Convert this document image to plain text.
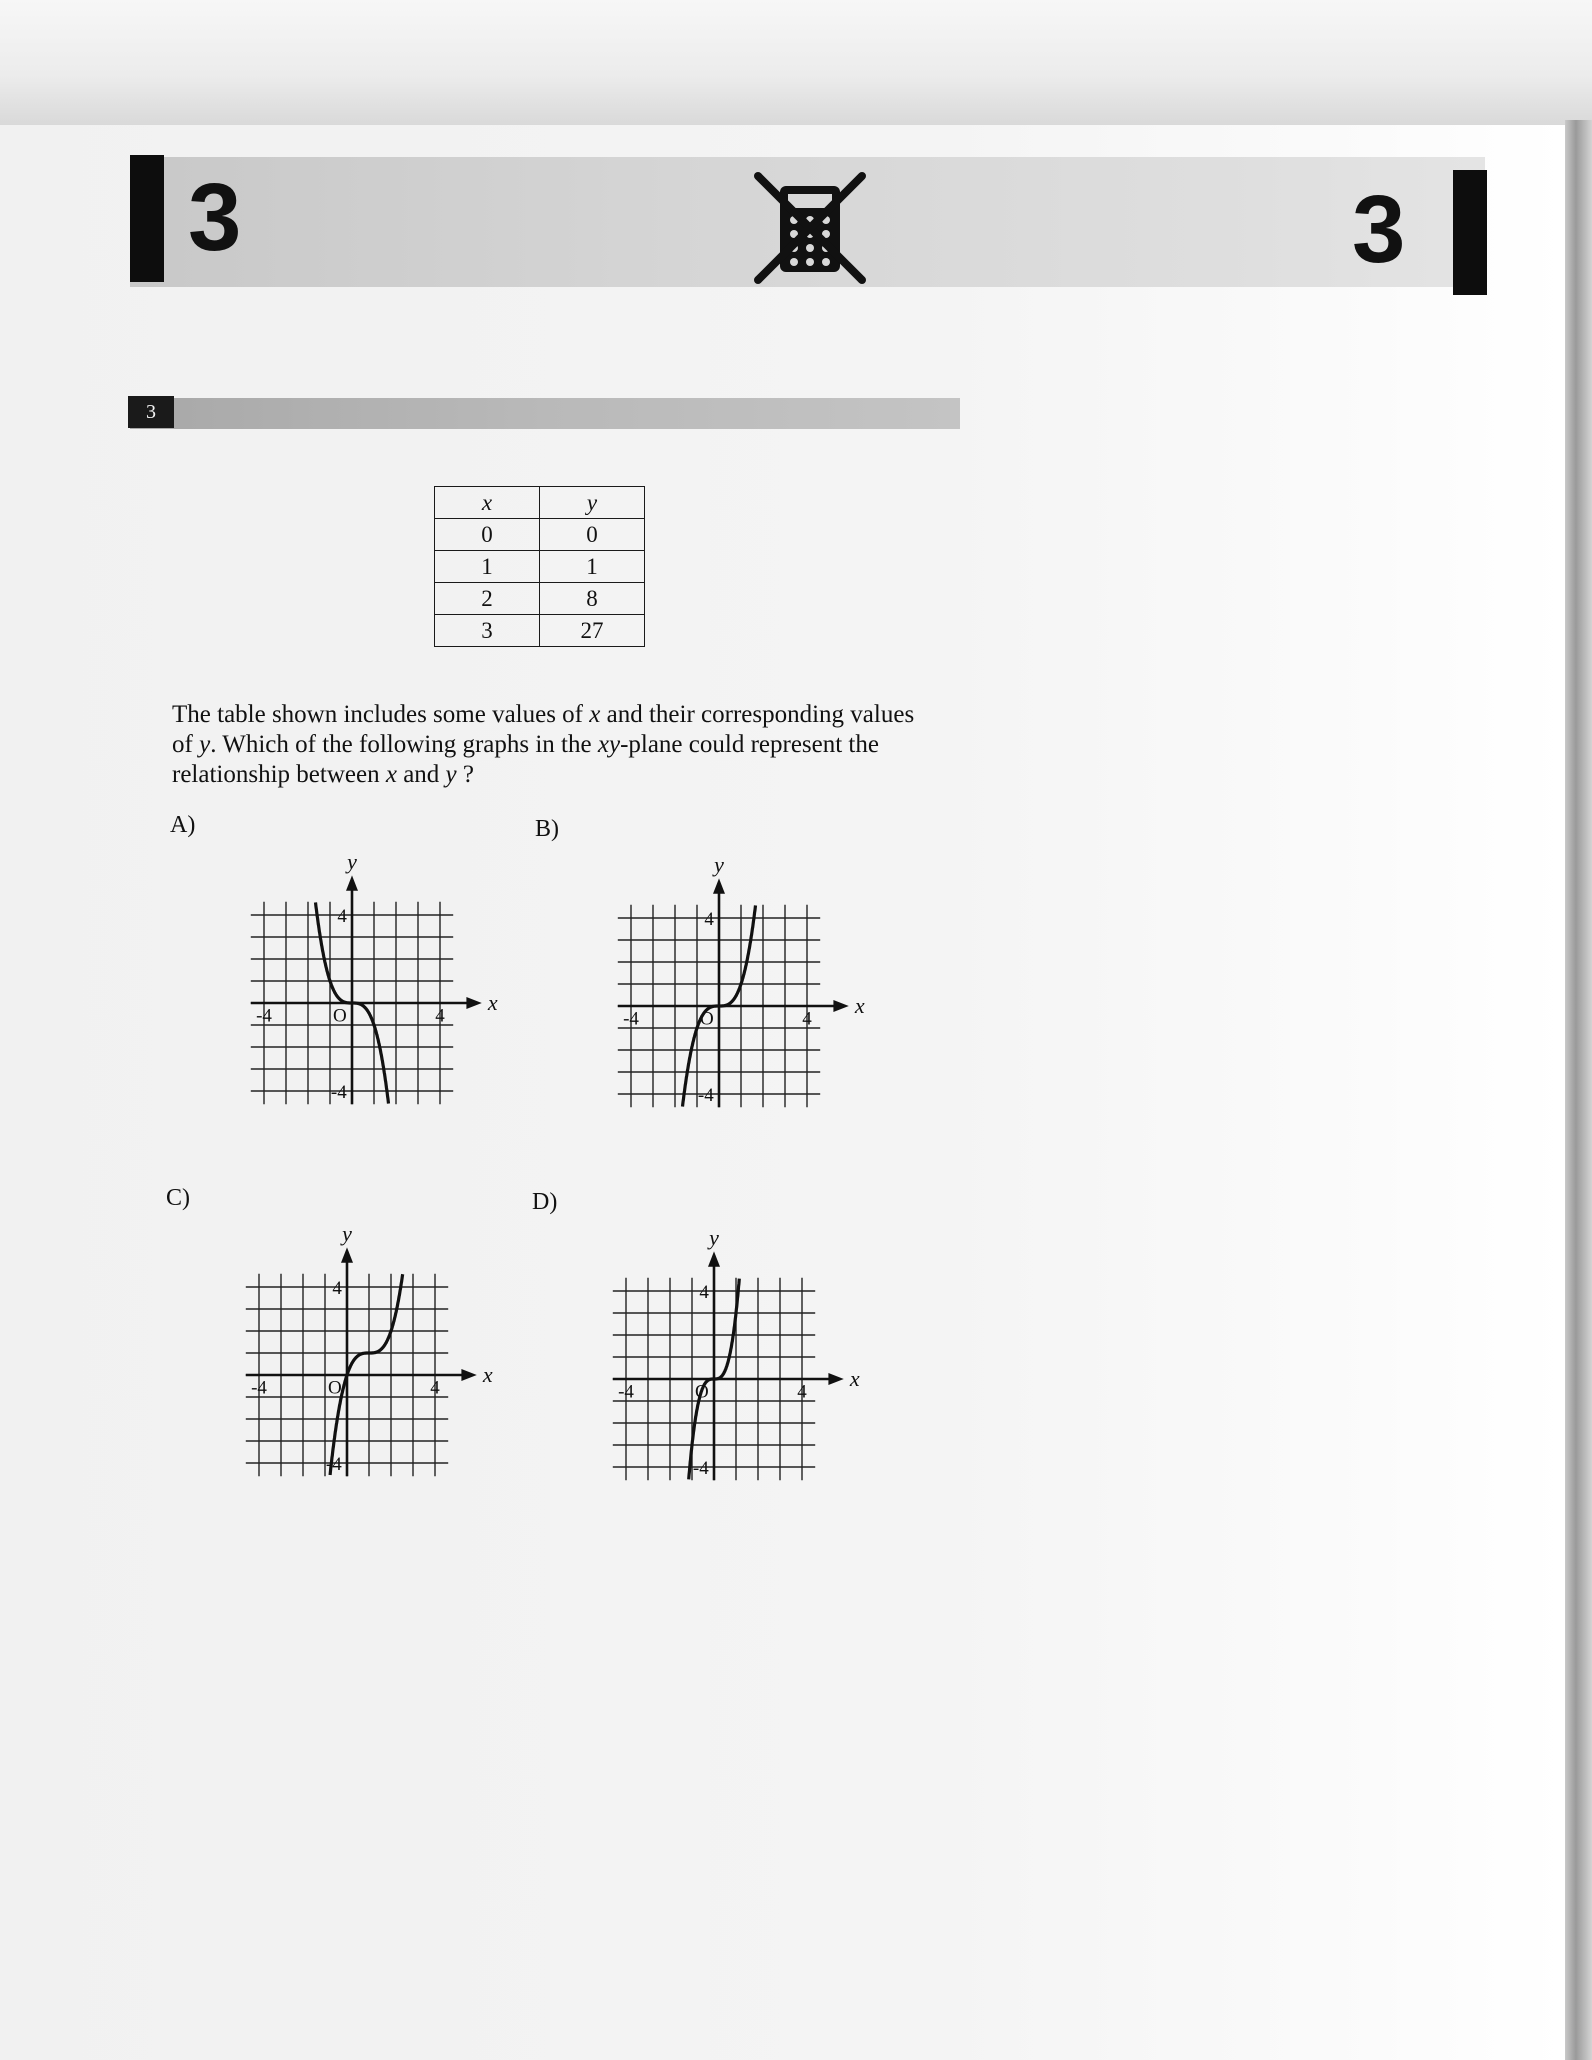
3	3
3
x	y
0	0
1	1
2	8
3	27

The table shown includes some values of x and their corresponding values of y. Which of the following graphs in the xy-plane could represent the relationship between x and y ?

A)	B)
C)	D)
x
y
O	4
-4
4
-4
x
y
O	4
-4
4
-4
x
y
O	4
-4
4
-4
x
y
O	4
-4
4
-4
